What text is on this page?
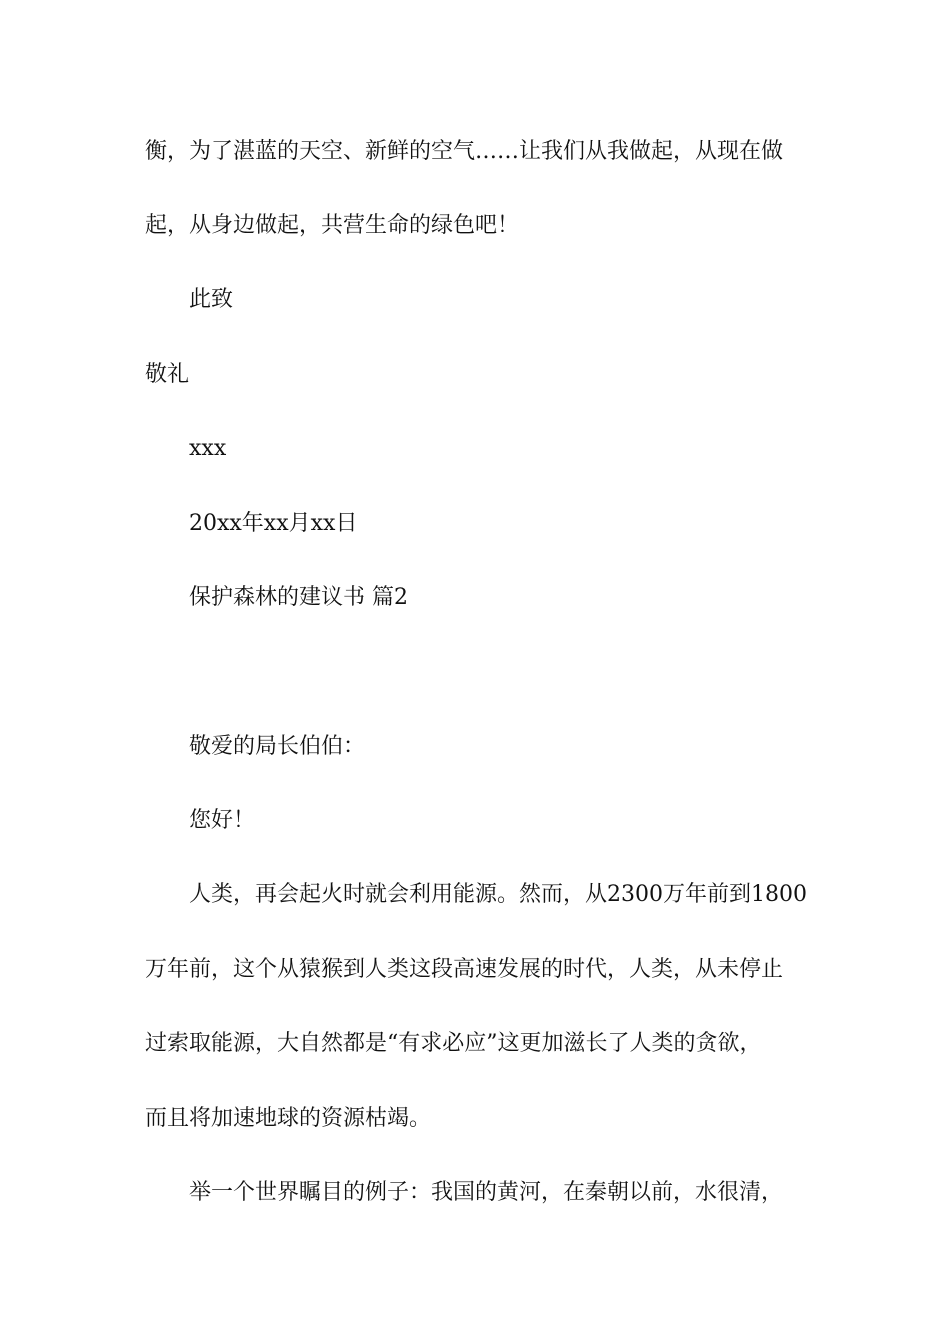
衡，为了湛蓝的天空、新鲜的空气……让我们从我做起，从现在做

起，从身边做起，共营生命的绿色吧！

此致

敬礼

xxx

20xx年xx月xx日

保护森林的建议书 篇2

敬爱的局长伯伯：

您好！

人类，再会起火时就会利用能源。然而，从2300万年前到1800

万年前，这个从猿猴到人类这段高速发展的时代，人类，从未停止

过索取能源，大自然都是“有求必应”这更加滋长了人类的贪欲，

而且将加速地球的资源枯竭。

举一个世界瞩目的例子：我国的黄河，在秦朝以前，水很清，
